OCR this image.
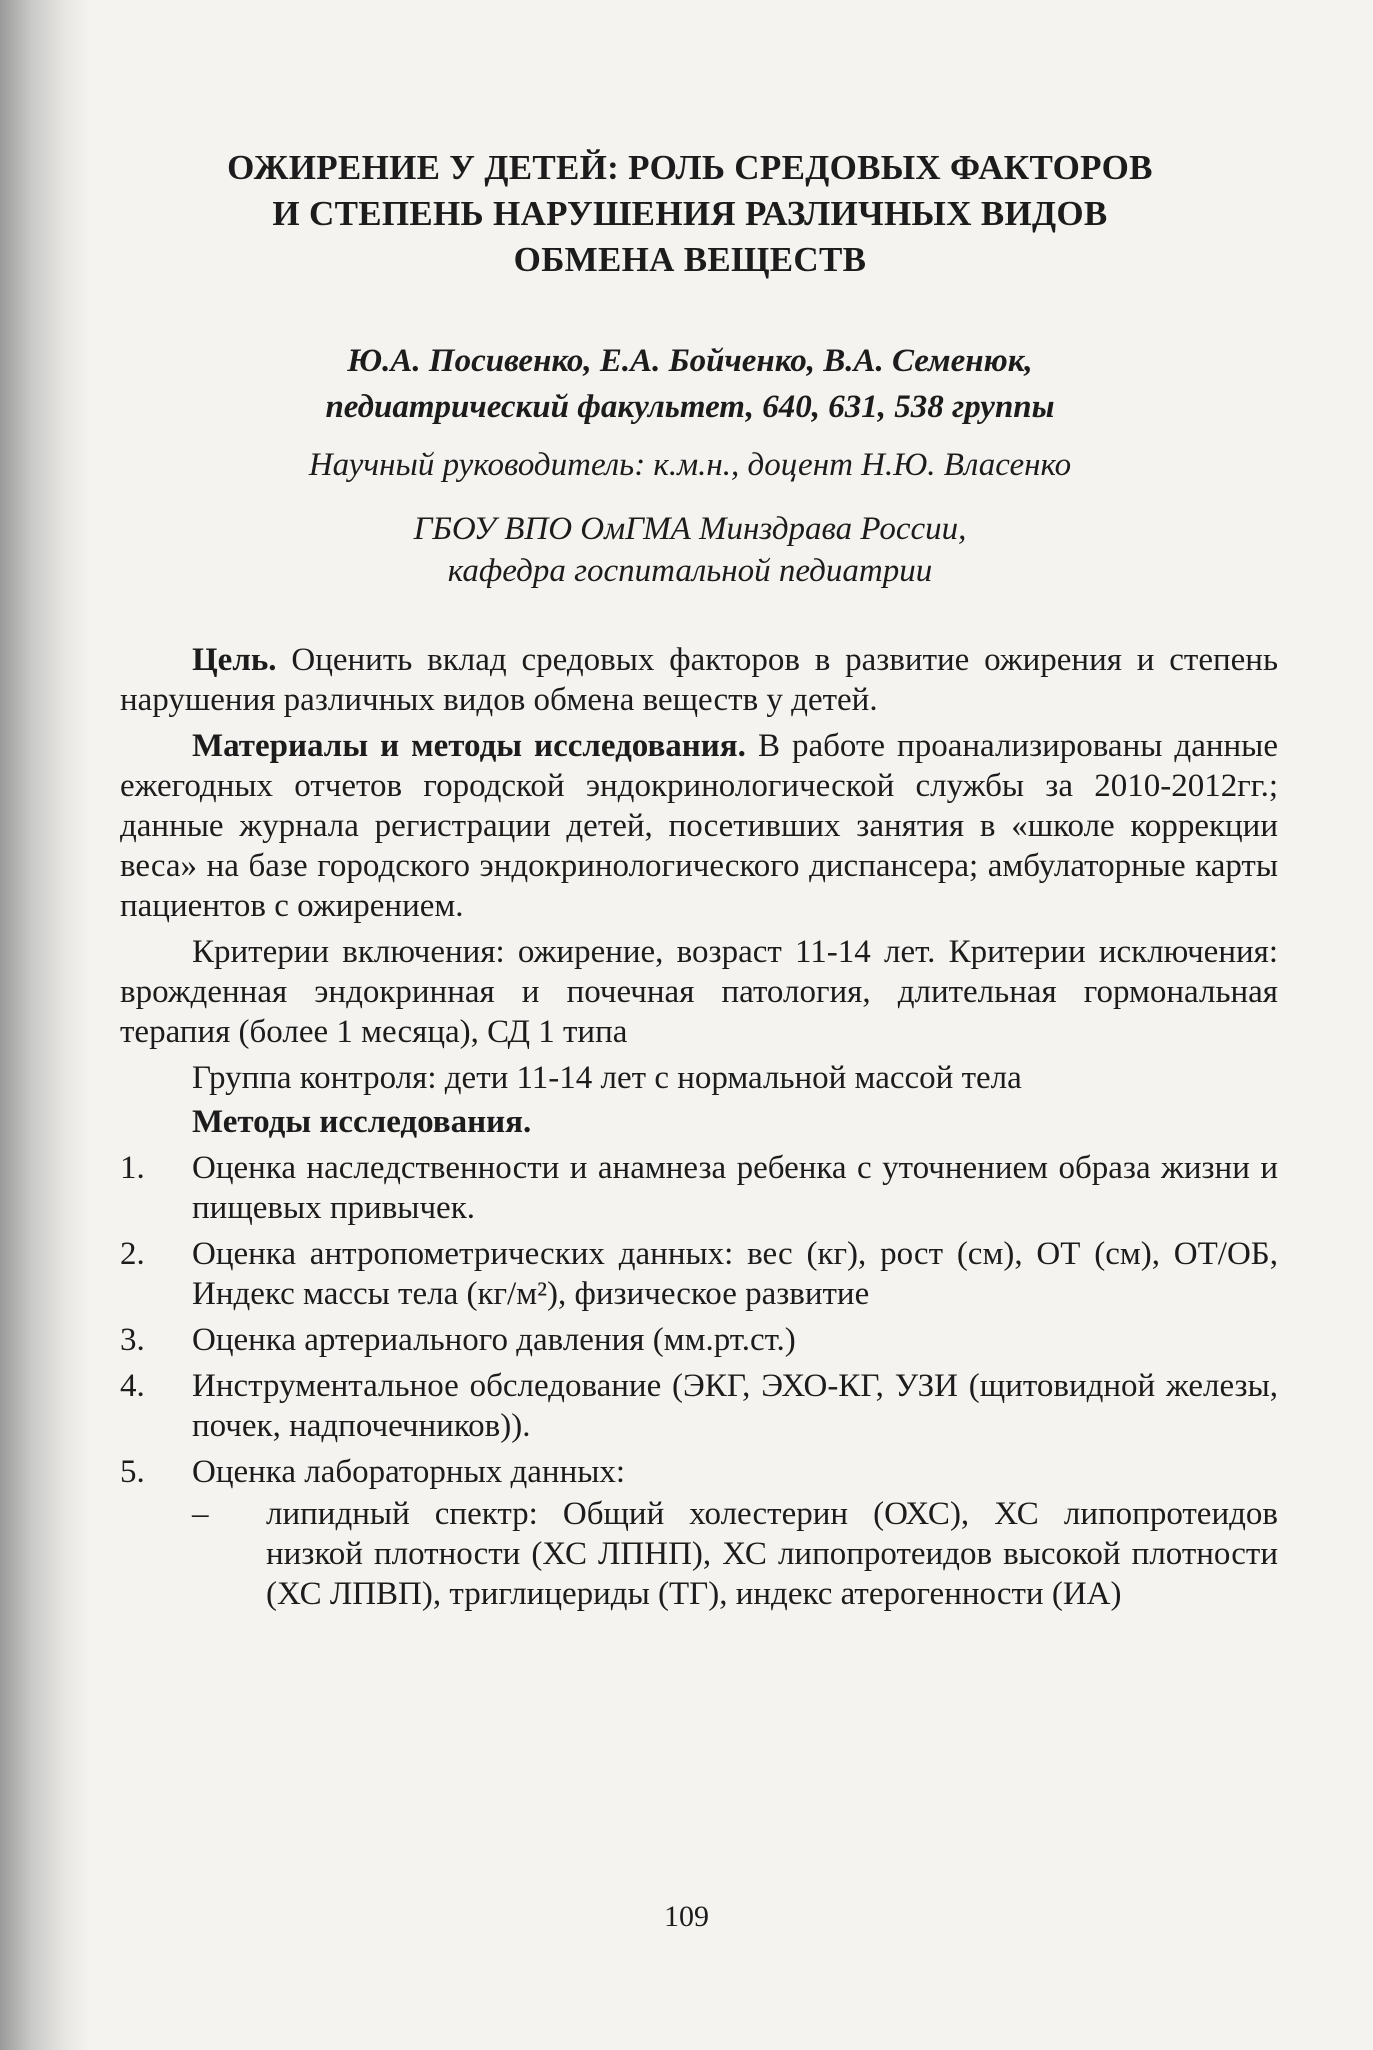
ОЖИРЕНИЕ У ДЕТЕЙ: РОЛЬ СРЕДОВЫХ ФАКТОРОВ
И СТЕПЕНЬ НАРУШЕНИЯ РАЗЛИЧНЫХ ВИДОВ
ОБМЕНА ВЕЩЕСТВ
Ю.А. Посивенко, Е.А. Бойченко, В.А. Семенюк,
педиатрический факультет, 640, 631, 538 группы
Научный руководитель: к.м.н., доцент Н.Ю. Власенко
ГБОУ ВПО ОмГМА Минздрава России,
кафедра госпитальной педиатрии

Цель. Оценить вклад средовых факторов в развитие ожирения и степень нарушения различных видов обмена веществ у детей.

Материалы и методы исследования. В работе проанализированы данные ежегодных отчетов городской эндокринологической службы за 2010-2012гг.; данные журнала регистрации детей, посетивших занятия в «школе коррекции веса» на базе городского эндокринологического диспансера; амбулаторные карты пациентов с ожирением.

Критерии включения: ожирение, возраст 11-14 лет. Критерии исключения: врожденная эндокринная и почечная патология, длительная гормональная терапия (более 1 месяца), СД 1 типа

Группа контроля: дети 11-14 лет с нормальной массой тела

Методы исследования.
1. Оценка наследственности и анамнеза ребенка с уточнением образа жизни и пищевых привычек.
2. Оценка антропометрических данных: вес (кг), рост (см), ОТ (см), ОТ/ОБ, Индекс массы тела (кг/м²), физическое развитие
3. Оценка артериального давления (мм.рт.ст.)
4. Инструментальное обследование (ЭКГ, ЭХО-КГ, УЗИ (щитовидной железы, почек, надпочечников)).
5. Оценка лабораторных данных:

– липидный спектр: Общий холестерин (ОХС), ХС липопротеидов низкой плотности (ХС ЛПНП), ХС липопротеидов высокой плотности (ХС ЛПВП), триглицериды (ТГ), индекс атерогенности (ИА)

109
